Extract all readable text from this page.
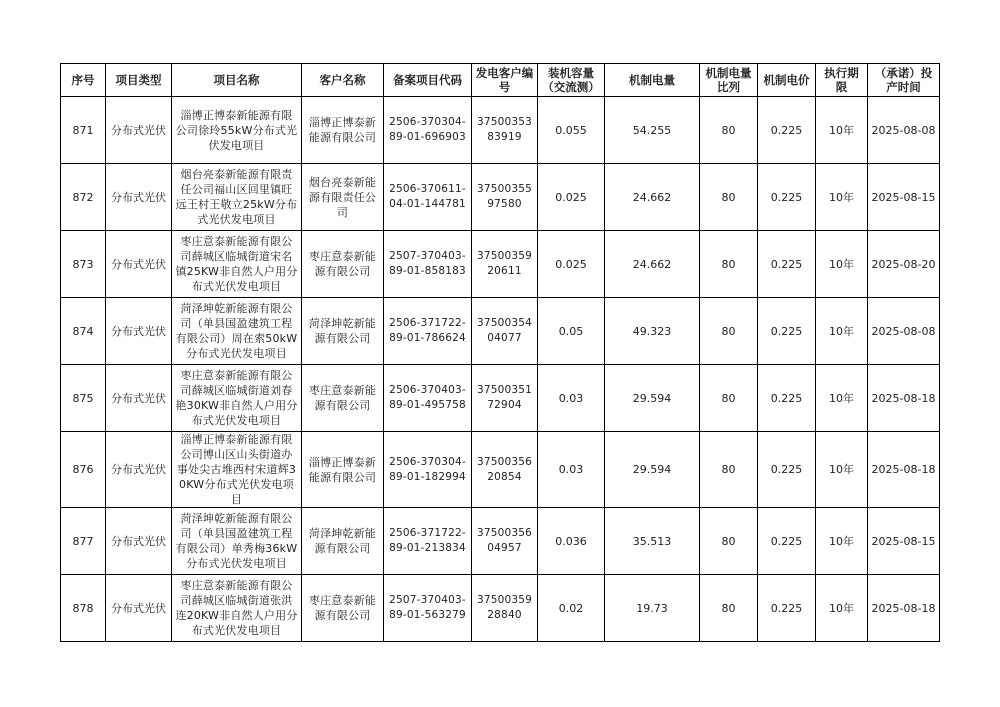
序号	项目类型	项目名称	客户名称	备案项目代码	发电客户编号	装机容量（交流测）	机制电量	机制电量比列	机制电价	执行期限	（承诺）投产时间
871	分布式光伏	淄博正博泰新能源有限公司徐玲55kW分布式光伏发电项目	淄博正博泰新能源有限公司	2506-370304-89-01-696903	3750035383919	0.055	54.255	80	0.225	10年	2025-08-08
872	分布式光伏	烟台亮泰新能源有限责任公司福山区回里镇旺远王村王敬立25kW分布式光伏发电项目	烟台亮泰新能源有限责任公司	2506-370611-04-01-144781	3750035597580	0.025	24.662	80	0.225	10年	2025-08-15
873	分布式光伏	枣庄意泰新能源有限公司薛城区临城街道宋名镇25KW非自然人户用分布式光伏发电项目	枣庄意泰新能源有限公司	2507-370403-89-01-858183	3750035920611	0.025	24.662	80	0.225	10年	2025-08-20
874	分布式光伏	菏泽坤乾新能源有限公司（单县国盈建筑工程有限公司）周在索50kW分布式光伏发电项目	菏泽坤乾新能源有限公司	2506-371722-89-01-786624	3750035404077	0.05	49.323	80	0.225	10年	2025-08-08
875	分布式光伏	枣庄意泰新能源有限公司薛城区临城街道刘春艳30KW非自然人户用分布式光伏发电项目	枣庄意泰新能源有限公司	2506-370403-89-01-495758	3750035172904	0.03	29.594	80	0.225	10年	2025-08-18
876	分布式光伏	淄博正博泰新能源有限公司博山区山头街道办事处尖古堆西村宋道辉30KW分布式光伏发电项目	淄博正博泰新能源有限公司	2506-370304-89-01-182994	3750035620854	0.03	29.594	80	0.225	10年	2025-08-18
877	分布式光伏	菏泽坤乾新能源有限公司（单县国盈建筑工程有限公司）单秀梅36kW分布式光伏发电项目	菏泽坤乾新能源有限公司	2506-371722-89-01-213834	3750035604957	0.036	35.513	80	0.225	10年	2025-08-15
878	分布式光伏	枣庄意泰新能源有限公司薛城区临城街道张洪连20KW非自然人户用分布式光伏发电项目	枣庄意泰新能源有限公司	2507-370403-89-01-563279	3750035928840	0.02	19.73	80	0.225	10年	2025-08-18
